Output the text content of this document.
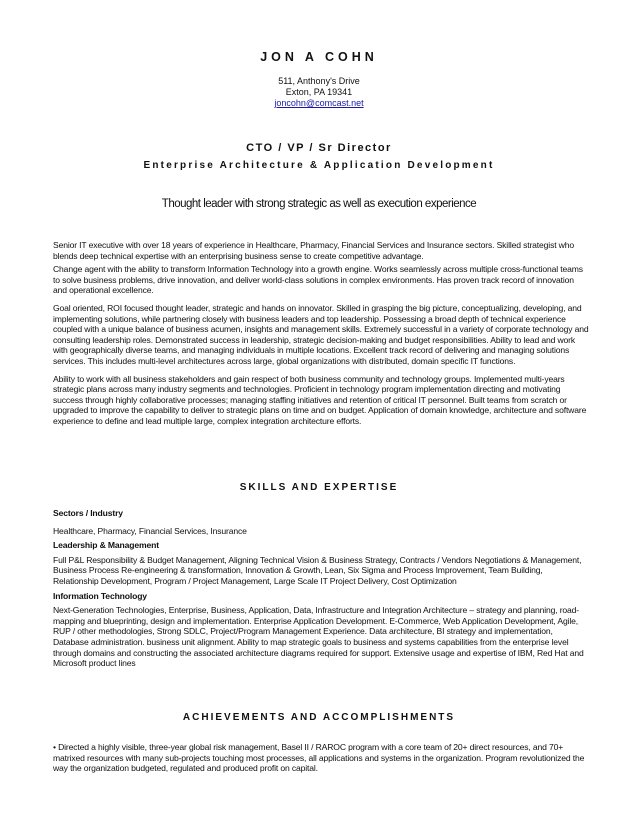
JON A COHN
511, Anthony's Drive
Exton, PA 19341
joncohn@comcast.net
CTO / VP / Sr Director
Enterprise Architecture & Application Development
Thought leader with strong strategic as well as execution experience

Senior IT executive with over 18 years of experience in Healthcare, Pharmacy, Financial Services and Insurance sectors. Skilled strategist who blends deep technical expertise with an enterprising business sense to create competitive advantage.

Change agent with the ability to transform Information Technology into a growth engine. Works seamlessly across multiple cross-functional teams to solve business problems, drive innovation, and deliver world-class solutions in complex environments. Has proven track record of innovation and operational excellence.

Goal oriented, ROI focused thought leader, strategic and hands on innovator. Skilled in grasping the big picture, conceptualizing, developing, and implementing solutions, while partnering closely with business leaders and top leadership. Possessing a broad depth of technical experience coupled with a unique balance of business acumen, insights and management skills. Extremely successful in a variety of corporate technology and consulting leadership roles. Demonstrated success in leadership, strategic decision-making and budget responsibilities. Ability to lead and work with geographically diverse teams, and managing individuals in multiple locations. Excellent track record of delivering and managing solutions services. This includes multi-level architectures across large, global organizations with distributed, domain specific IT functions.

Ability to work with all business stakeholders and gain respect of both business community and technology groups. Implemented multi-years strategic plans across many industry segments and technologies. Proficient in technology program implementation directing and motivating success through highly collaborative processes; managing staffing initiatives and retention of critical IT personnel. Built teams from scratch or upgraded to improve the capability to deliver to strategic plans on time and on budget. Application of domain knowledge, architecture and software experience to define and lead multiple large, complex integration architecture efforts.

SKILLS AND EXPERTISE

Sectors / Industry

Healthcare, Pharmacy, Financial Services, Insurance

Leadership & Management

Full P&L Responsibility & Budget Management, Aligning Technical Vision & Business Strategy, Contracts / Vendors Negotiations & Management, Business Process Re-engineering & transformation, Innovation & Growth, Lean, Six Sigma and Process Improvement, Team Building, Relationship Development, Program / Project Management, Large Scale IT Project Delivery, Cost Optimization

Information Technology

Next-Generation Technologies, Enterprise, Business, Application, Data, Infrastructure and Integration Architecture – strategy and planning, road-mapping and blueprinting, design and implementation. Enterprise Application Development. E-Commerce, Web Application Development, Agile, RUP / other methodologies, Strong SDLC, Project/Program Management Experience. Data architecture, BI strategy and implementation, Database administration. business unit alignment. Ability to map strategic goals to business and systems capabilities from the enterprise level through domains and constructing the associated architecture diagrams required for support. Extensive usage and expertise of IBM, Red Hat and Microsoft product lines

ACHIEVEMENTS AND ACCOMPLISHMENTS

• Directed a highly visible, three-year global risk management, Basel II / RAROC program with a core team of 20+ direct resources, and 70+ matrixed resources with many sub-projects touching most processes, all applications and systems in the organization. Program revolutionized the way the organization budgeted, regulated and produced profit on capital.
